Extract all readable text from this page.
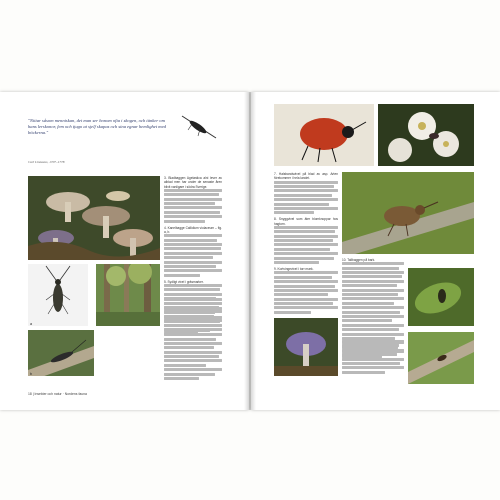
"Nittar såsom menniskan, det man ser honom ofta i skogen, och tänker om hans lerskonor, fem och tjugo at sjelf skapas och sina egnar hemlighet med böckerna."
Carl Linnaeus, 1707–1778
3. Bladbaggen Agelastica alni lever av alblad men har under de senaste åren blivit vanligare i södra Sverige.
4. Kanelbagge Callidium violaceum – fig. a, b.
5. Sydligt vivel i gräsmarker.
a
b
18 | Insekter och natur · Nordens fauna
7. Halsbandsvivel på blad av asp. Arten förekommer i hela landet.
8. Snyggvivel som äter blomknoppar hos hagtorn.
9. Kortvingevivel i torr mark.
10. Tallbaggen på bark.
